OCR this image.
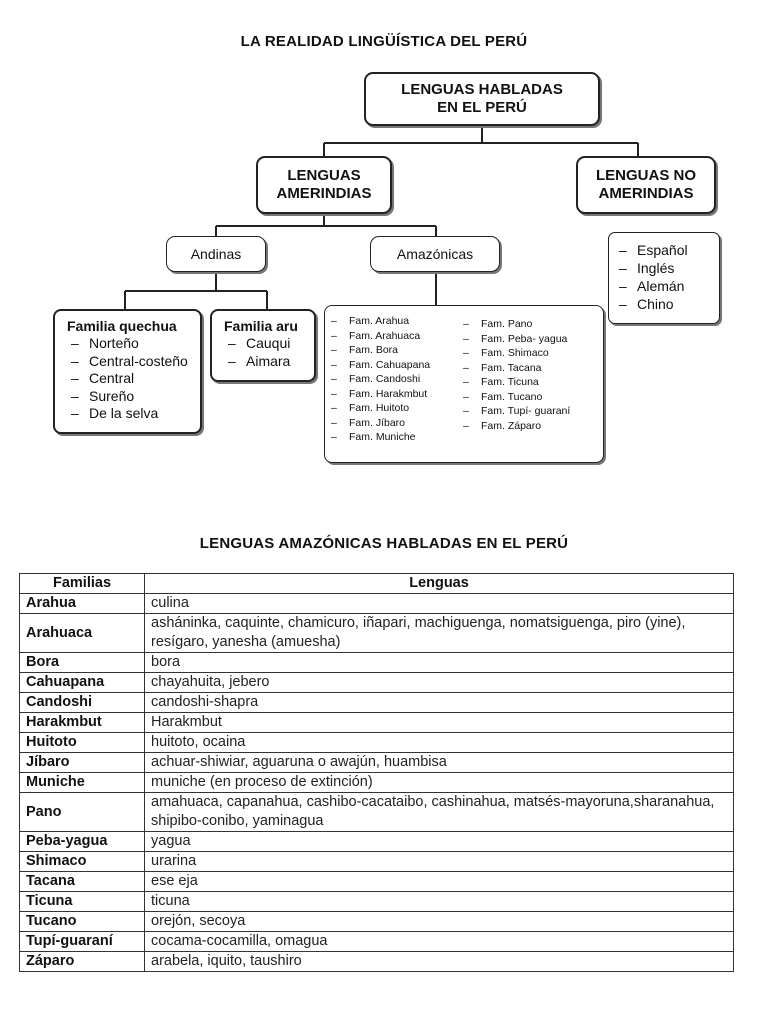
LA REALIDAD LINGÜÍSTICA DEL PERÚ
LENGUAS HABLADAS EN EL PERÚ
LENGUAS AMERINDIAS
LENGUAS NO AMERINDIAS
Andinas	Amazónicas	– Español
– Inglés
– Alemán
– Chino
Familia quechua
– Norteño
– Central-costeño
– Central
– Sureño
– De la selva
Familia aru
– Cauqui
– Aimara
– Fam. Arahua
– Fam. Arahuaca
– Fam. Bora
– Fam. Cahuapana
– Fam. Candoshi
– Fam. Harakmbut
– Fam. Huitoto
– Fam. Jíbaro
– Fam. Muniche
– Fam. Pano
– Fam. Peba- yagua
– Fam. Shimaco
– Fam. Tacana
– Fam. Ticuna
– Fam. Tucano
– Fam. Tupí- guaraní
– Fam. Záparo
LENGUAS AMAZÓNICAS HABLADAS EN EL PERÚ
Familias	Lenguas
Arahua	culina
Arahuaca	asháninka, caquinte, chamicuro, iñapari, machiguenga, nomatsiguenga, piro (yine), resígaro, yanesha (amuesha)
Bora	bora
Cahuapana	chayahuita, jebero
Candoshi	candoshi-shapra
Harakmbut	Harakmbut
Huitoto	huitoto, ocaina
Jíbaro	achuar-shiwiar, aguaruna o awajún, huambisa
Muniche	muniche (en proceso de extinción)
Pano	amahuaca, capanahua, cashibo-cacataibo, cashinahua, matsés-mayoruna,sharanahua, shipibo-conibo, yaminagua
Peba-yagua	yagua
Shimaco	urarina
Tacana	ese eja
Ticuna	ticuna
Tucano	orejón, secoya
Tupí-guaraní	cocama-cocamilla, omagua
Záparo	arabela, iquito, taushiro
